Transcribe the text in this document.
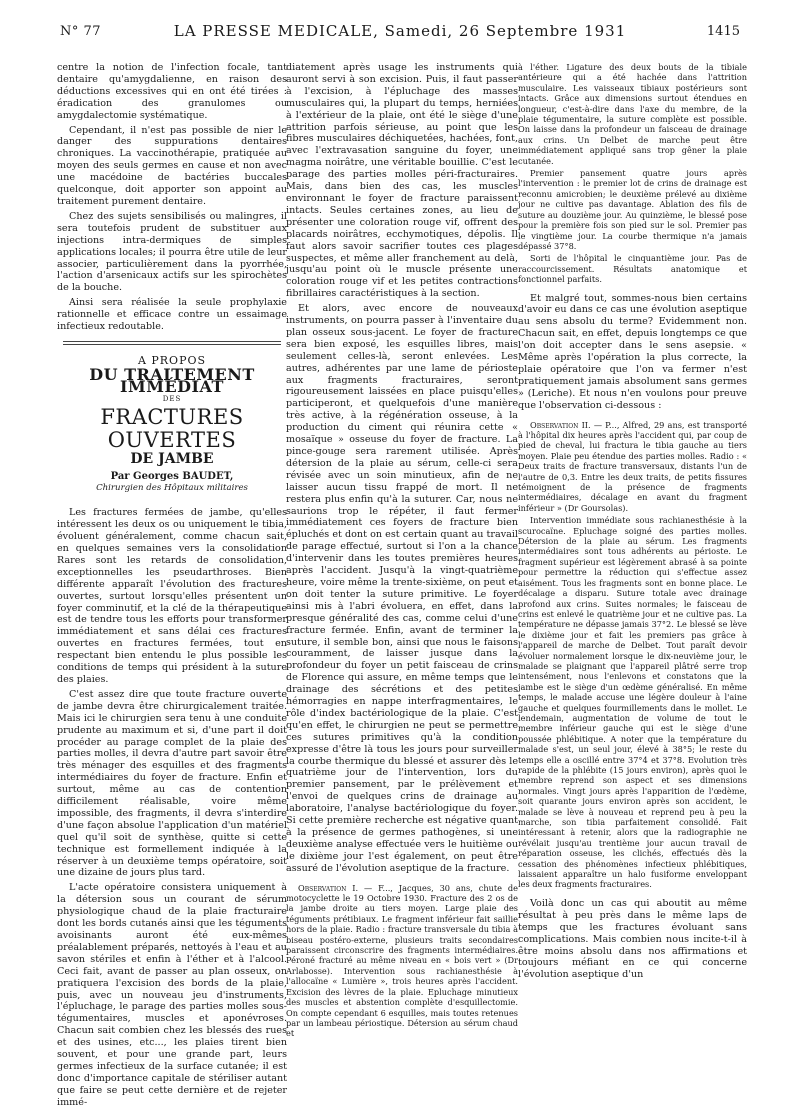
N° 77	LA PRESSE MEDICALE, Samedi, 26 Septembre 1931	1415

centre la notion de l'infection focale, tant dentaire qu'amygdalienne, en raison des déductions excessives qui en ont été tirées : éradication des granulomes ou amygdalectomie systématique.

Cependant, il n'est pas possible de nier le danger des suppurations dentaires chroniques. La vaccinothérapie, pratiquée au moyen des seuls germes en cause et non avec une macédoine de bactéries buccales quelconque, doit apporter son appoint au traitement purement dentaire.

Chez des sujets sensibilisés ou malingres, il sera toutefois prudent de substituer aux injections intra-dermiques de simples applications locales; il pourra être utile de leur associer, particulièrement dans la pyorrhée, l'action d'arsenicaux actifs sur les spirochètes de la bouche.

Ainsi sera réalisée la seule prophylaxie rationnelle et efficace contre un essaimage infectieux redoutable.

A PROPOS
DU TRAITEMENT IMMÉDIAT
DES
FRACTURES OUVERTES
DE JAMBE
Par Georges BAUDET,
Chirurgien des Hôpitaux militaires

Les fractures fermées de jambe, qu'elles intéressent les deux os ou uniquement le tibia, évoluent généralement, comme chacun sait, en quelques semaines vers la consolidation Rares sont les retards de consolidation, exceptionnelles les pseudarthroses. Bien différente apparaît l'évolution des fractures ouvertes, surtout lorsqu'elles présentent un foyer comminutif, et la clé de la thérapeutique est de tendre tous les efforts pour transformer immédiatement et sans délai ces fractures ouvertes en fractures fermées, tout en respectant bien entendu le plus possible les conditions de temps qui président à la suture des plaies.

C'est assez dire que toute fracture ouverte de jambe devra être chirurgicalement traitée. Mais ici le chirurgien sera tenu à une conduite prudente au maximum et si, d'une part il doit procéder au parage complet de la plaie des parties molles, il devra d'autre part savoir être très ménager des esquilles et des fragments intermédiaires du foyer de fracture. Enfin et surtout, même au cas de contention difficilement réalisable, voire même impossible, des fragments, il devra s'interdire d'une façon absolue l'application d'un matériel quel qu'il soit de synthèse, quitte si cette technique est formellement indiquée à la réserver à un deuxième temps opératoire, soit une dizaine de jours plus tard.

L'acte opératoire consistera uniquement à la détersion sous un courant de sérum physiologique chaud de la plaie fracturaire dont les bords cutanés ainsi que les téguments avoisinants auront été eux-mêmes préalablement préparés, nettoyés à l'eau et au savon stériles et enfin à l'éther et à l'alcool. Ceci fait, avant de passer au plan osseux, on pratiquera l'excision des bords de la plaie, puis, avec un nouveau jeu d'instruments, l'épluchage, le parage des parties molles sous-tégumentaires, muscles et aponévroses. Chacun sait combien chez les blessés des rues et des usines, etc..., les plaies tirent bien souvent, et pour une grande part, leurs germes infectieux de la surface cutanée; il est donc d'importance capitale de stériliser autant que faire se peut cette dernière et de rejeter immé-

diatement après usage les instruments qui auront servi à son excision. Puis, il faut passer à l'excision, à l'épluchage des masses musculaires qui, la plupart du temps, herniées à l'extérieur de la plaie, ont été le siège d'une attrition parfois sérieuse, au point que les fibres musculaires déchiquetées, hachées, font, avec l'extravasation sanguine du foyer, une magma noirâtre, une véritable bouillie. C'est le parage des parties molles péri-fracturaires. Mais, dans bien des cas, les muscles environnant le foyer de fracture paraissent intacts. Seules certaines zones, au lieu de présenter une coloration rouge vif, offrent des placards noirâtres, ecchymotiques, dépolis. Il faut alors savoir sacrifier toutes ces plages suspectes, et même aller franchement au delà, jusqu'au point où le muscle présente une coloration rouge vif et les petites contractions fibrillaires caractéristiques à la section.

Et alors, avec encore de nouveaux instruments, on pourra passer à l'inventaire du plan osseux sous-jacent. Le foyer de fracture sera bien exposé, les esquilles libres, mais seulement celles-là, seront enlevées. Les autres, adhérentes par une lame de périoste aux fragments fracturaires, seront rigoureusement laissées en place puisqu'elles participeront, et quelquefois d'une manière très active, à la régénération osseuse, à la production du ciment qui réunira cette « mosaïque » osseuse du foyer de fracture. La pince-gouge sera rarement utilisée. Après détersion de la plaie au sérum, celle-ci sera révisée avec un soin minutieux, afin de ne laisser aucun tissu frappé de mort. Il ne restera plus enfin qu'à la suturer. Car, nous ne saurions trop le répéter, il faut fermer immédiatement ces foyers de fracture bien épluchés et dont on est certain quant au travail de parage effectué, surtout si l'on a la chance d'intervenir dans les toutes premières heures après l'accident. Jusqu'à la vingt-quatrième heure, voire même la trente-sixième, on peut et on doit tenter la suture primitive. Le foyer ainsi mis à l'abri évoluera, en effet, dans la presque généralité des cas, comme celui d'une fracture fermée. Enfin, avant de terminer la suture, il semble bon, ainsi que nous le faisons couramment, de laisser jusque dans la profondeur du foyer un petit faisceau de crins de Florence qui assure, en même temps que le drainage des sécrétions et des petites hémorragies en nappe interfragmentaires, le rôle d'index bactériologique de la plaie. C'est qu'en effet, le chirurgien ne peut se permettre ces sutures primitives qu'à la condition expresse d'être là tous les jours pour surveiller la courbe thermique du blessé et assurer dès le quatrième jour de l'intervention, lors du premier pansement, par le prélèvement et l'envoi de quelques crins de drainage au laboratoire, l'analyse bactériologique du foyer. Si cette première recherche est négative quant à la présence de germes pathogènes, si une deuxième analyse effectuée vers le huitième ou le dixième jour l'est également, on peut être assuré de l'évolution aseptique de la fracture.

Observation I. — F..., Jacques, 30 ans, chute de motocyclette le 19 Octobre 1930. Fracture des 2 os de la jambe droite au tiers moyen. Large plaie des téguments prétibiaux. Le fragment inférieur fait saillie hors de la plaie. Radio : fracture transversale du tibia à biseau postéro-externe, plusieurs traits secondaires paraissent circonscrire des fragments intermédiaires. Péroné fracturé au même niveau en « bois vert » (Dr Arlabosse). Intervention sous rachianesthésie à l'allocaïne « Lumière », trois heures après l'accident. Excision des lèvres de la plaie. Epluchage minutieux des muscles et abstention complète d'esquillectomie. On compte cependant 6 esquilles, mais toutes retenues par un lambeau périostique. Détersion au sérum chaud et

à l'éther. Ligature des deux bouts de la tibiale antérieure qui a été hachée dans l'attrition musculaire. Les vaisseaux tibiaux postérieurs sont intacts. Grâce aux dimensions surtout étendues en longueur, c'est-à-dire dans l'axe du membre, de la plaie tégumentaire, la suture complète est possible. On laisse dans la profondeur un faisceau de drainage aux crins. Un Delbet de marche peut être immédiatement appliqué sans trop gêner la plaie cutanée.

Premier pansement quatre jours après l'intervention : le premier lot de crins de drainage est reconnu amicrobien; le deuxième prélevé au dixième jour ne cultive pas davantage. Ablation des fils de suture au douzième jour. Au quinzième, le blessé pose pour la première fois son pied sur le sol. Premier pas le vingtième jour. La courbe thermique n'a jamais dépassé 37°8.

Sorti de l'hôpital le cinquantième jour. Pas de raccourcissement. Résultats anatomique et fonctionnel parfaits.

Et malgré tout, sommes-nous bien certains d'avoir eu dans ce cas une évolution aseptique au sens absolu du terme? Evidemment non. Chacun sait, en effet, depuis longtemps ce que l'on doit accepter dans le sens asepsie. « Même après l'opération la plus correcte, la plaie opératoire que l'on va fermer n'est pratiquement jamais absolument sans germes » (Leriche). Et nous n'en voulons pour preuve que l'observation ci-dessous :

Observation II. — P..., Alfred, 29 ans, est transporté à l'hôpital dix heures après l'accident qui, par coup de pied de cheval, lui fractura le tibia gauche au tiers moyen. Plaie peu étendue des parties molles. Radio : « Deux traits de fracture transversaux, distants l'un de l'autre de 0,3. Entre les deux traits, de petits fissures témoignent de la présence de fragments intermédiaires, décalage en avant du fragment inférieur » (Dr Goursolas).

Intervention immédiate sous rachianesthésie à la scurocaïne. Epluchage soigné des parties molles. Détersion de la plaie au sérum. Les fragments intermédiaires sont tous adhérents au périoste. Le fragment supérieur est légèrement abrasé à sa pointe pour permettre la réduction qui s'effectue assez aisément. Tous les fragments sont en bonne place. Le décalage a disparu. Suture totale avec drainage profond aux crins. Suites normales; le faisceau de crins est enlevé le quatrième jour et ne cultive pas. La température ne dépasse jamais 37°2. Le blessé se lève le dixième jour et fait les premiers pas grâce à l'appareil de marche de Delbet. Tout paraît devoir évoluer normalement lorsque le dix-neuvième jour, le malade se plaignant que l'appareil plâtré serre trop intensément, nous l'enlevons et constatons que la jambe est le siège d'un œdème généralisé. En même temps, le malade accuse une légère douleur à l'aine gauche et quelques fourmillements dans le mollet. Le lendemain, augmentation de volume de tout le membre inférieur gauche qui est le siège d'une poussée phlébitique. A noter que la température du malade s'est, un seul jour, élevé à 38°5; le reste du temps elle a oscillé entre 37°4 et 37°8. Evolution très rapide de la phlébite (15 jours environ), après quoi le membre reprend son aspect et ses dimensions normales. Vingt jours après l'apparition de l'œdème, soit quarante jours environ après son accident, le malade se lève à nouveau et reprend peu à peu la marche, son tibia parfaitement consolidé. Fait intéressant à retenir, alors que la radiographie ne révélait jusqu'au trentième jour aucun travail de réparation osseuse, les clichés, effectués dès la cessation des phénomènes infectieux phlébitiques, laissaient apparaître un halo fusiforme enveloppant les deux fragments fracturaires.

Voilà donc un cas qui aboutit au même résultat à peu près dans le même laps de temps que les fractures évoluant sans complications. Mais combien nous incite-t-il à être moins absolu dans nos affirmations et toujours méfiant en ce qui concerne l'évolution aseptique d'un
